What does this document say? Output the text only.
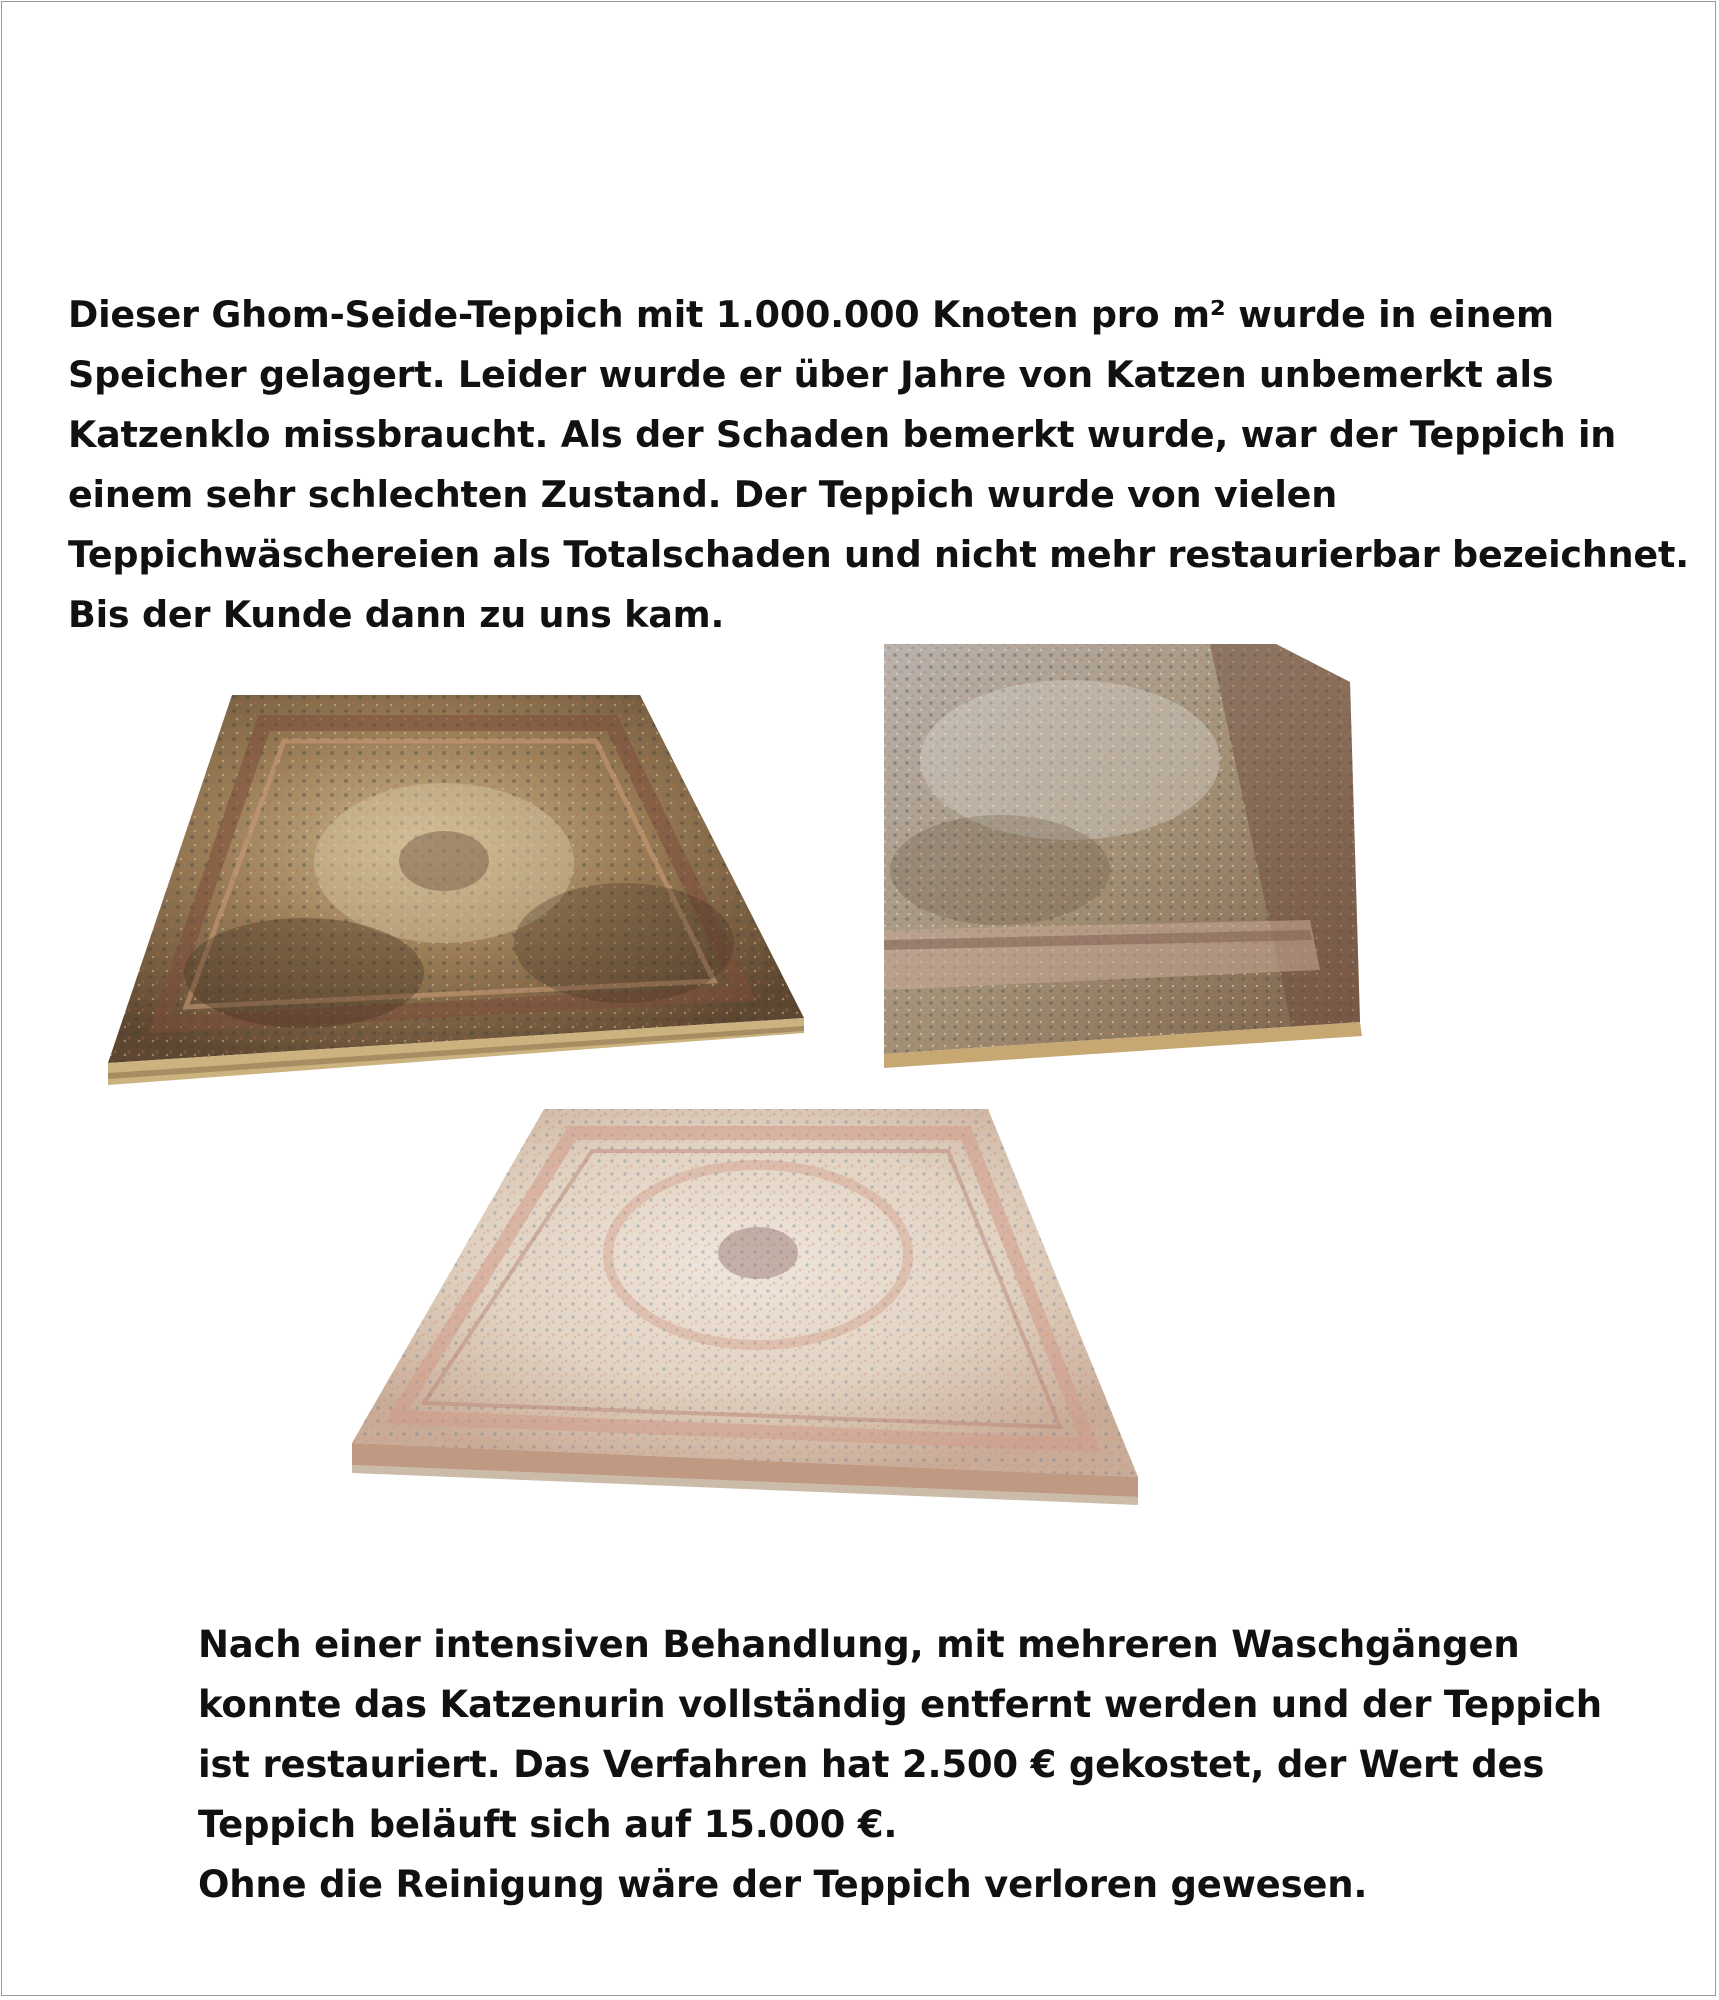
Dieser Ghom-Seide-Teppich mit 1.000.000 Knoten pro m² wurde in einem
Speicher gelagert. Leider wurde er über Jahre von Katzen unbemerkt als
Katzenklo missbraucht. Als der Schaden bemerkt wurde, war der Teppich in
einem sehr schlechten Zustand. Der Teppich wurde von vielen
Teppichwäschereien als Totalschaden und nicht mehr restaurierbar bezeichnet.
Bis der Kunde dann zu uns kam.
Nach einer intensiven Behandlung, mit mehreren Waschgängen
konnte das Katzenurin vollständig entfernt werden und der Teppich
ist restauriert. Das Verfahren hat 2.500 € gekostet, der Wert des
Teppich beläuft sich auf 15.000 €.
Ohne die Reinigung wäre der Teppich verloren gewesen.
